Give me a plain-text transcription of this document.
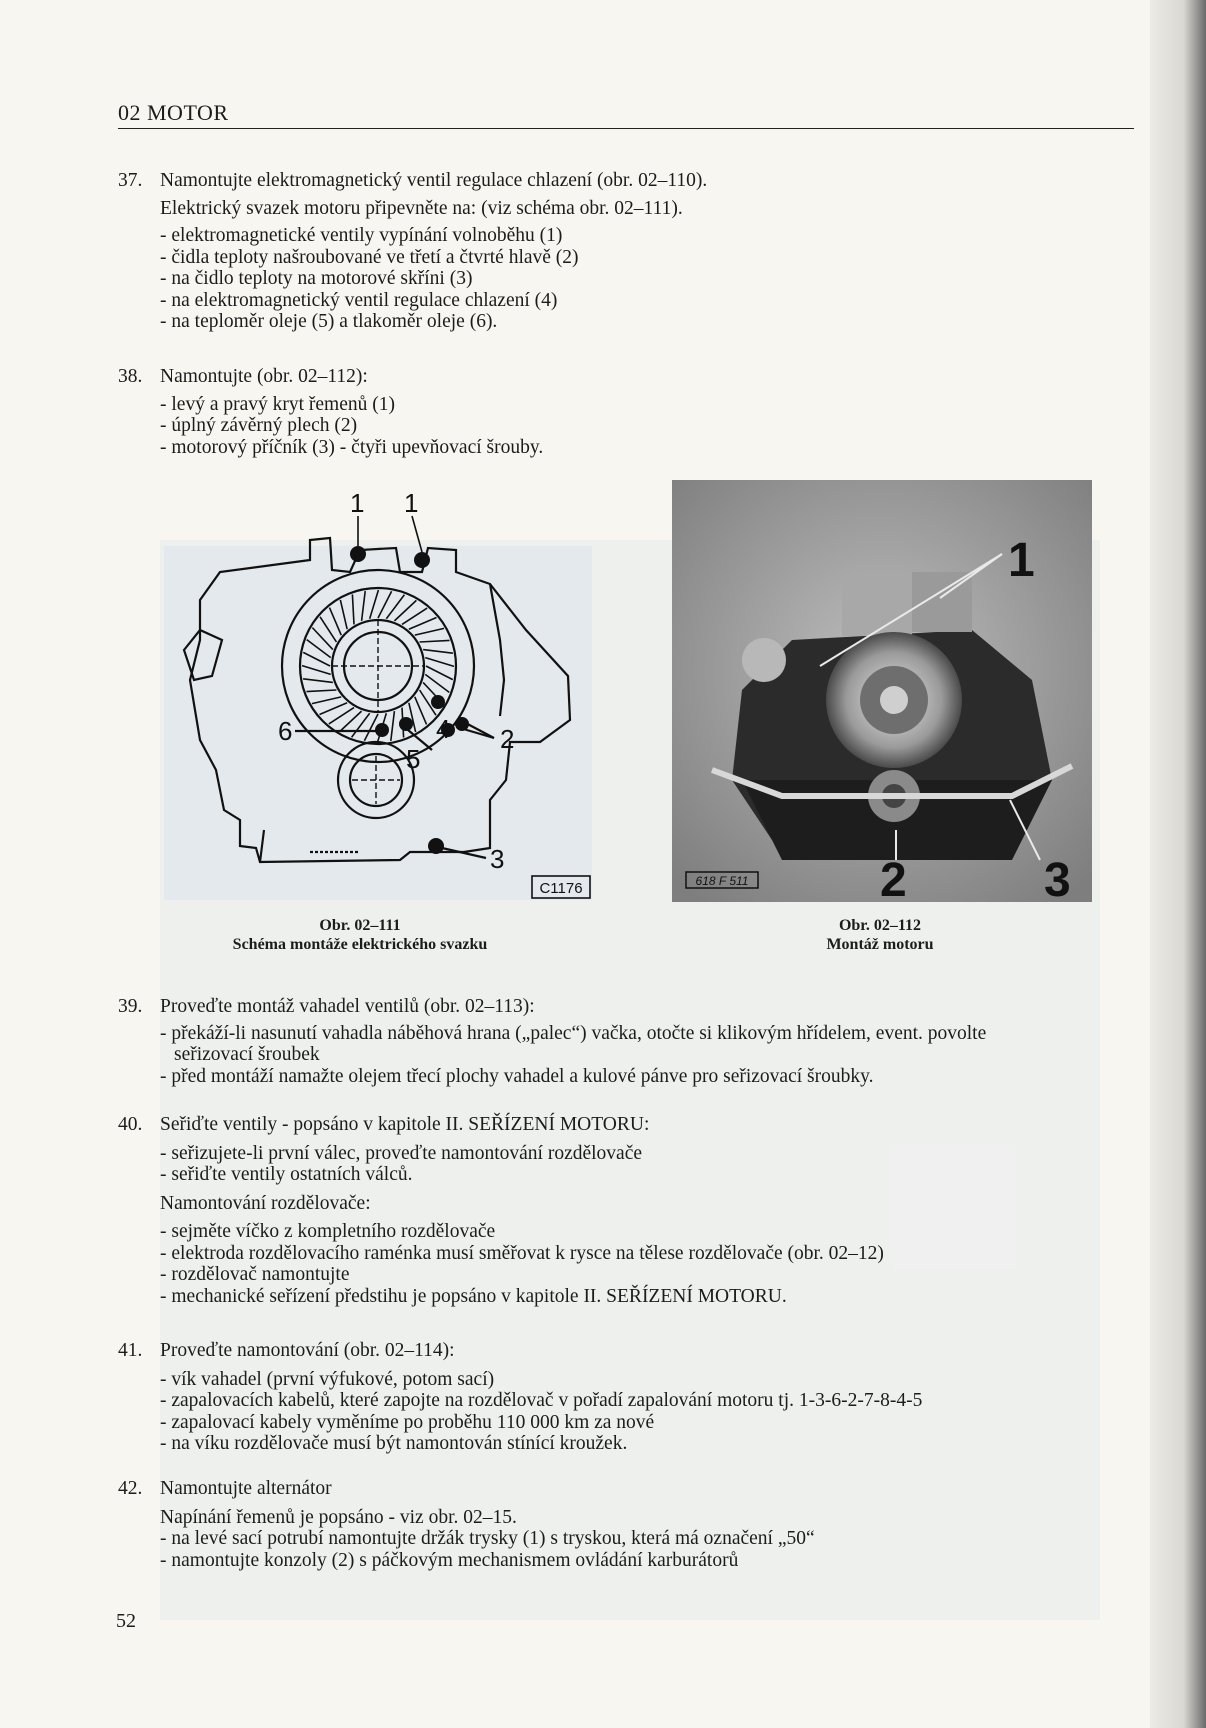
02 MOTOR
37. Namontujte elektromagnetický ventil regulace chlazení (obr. 02–110).

Elektrický svazek motoru připevněte na: (viz schéma obr. 02–111).

- elektromagnetické ventily vypínání volnoběhu (1)

- čidla teploty našroubované ve třetí a čtvrté hlavě (2)

- na čidlo teploty na motorové skříni (3)

- na elektromagnetický ventil regulace chlazení (4)

- na teploměr oleje (5) a tlakoměr oleje (6).

38. Namontujte (obr. 02–112):

- levý a pravý kryt řemenů (1)

- úplný závěrný plech (2)

- motorový příčník (3) - čtyři upevňovací šrouby.

1 1
6	4
5
2
3
C1176
Obr. 02–111
Schéma montáže elektrického svazku
1
2	3
618 F 511
Obr. 02–112
Montáž motoru
39. Proveďte montáž vahadel ventilů (obr. 02–113):

- překáží-li nasunutí vahadla náběhová hrana („palec“) vačka, otočte si klikovým hřídelem, event. povolte

seřizovací šroubek

- před montáží namažte olejem třecí plochy vahadel a kulové pánve pro seřizovací šroubky.

40. Seřiďte ventily - popsáno v kapitole II. SEŘÍZENÍ MOTORU:

- seřizujete-li první válec, proveďte namontování rozdělovače

- seřiďte ventily ostatních válců.

Namontování rozdělovače:

- sejměte víčko z kompletního rozdělovače

- elektroda rozdělovacího raménka musí směřovat k rysce na tělese rozdělovače (obr. 02–12)

- rozdělovač namontujte

- mechanické seřízení předstihu je popsáno v kapitole II. SEŘÍZENÍ MOTORU.

41. Proveďte namontování (obr. 02–114):

- vík vahadel (první výfukové, potom sací)

- zapalovacích kabelů, které zapojte na rozdělovač v pořadí zapalování motoru tj. 1-3-6-2-7-8-4-5

- zapalovací kabely vyměníme po proběhu 110 000 km za nové

- na víku rozdělovače musí být namontován stínící kroužek.

42. Namontujte alternátor

Napínání řemenů je popsáno - viz obr. 02–15.

- na levé sací potrubí namontujte držák trysky (1) s tryskou, která má označení „50“

- namontujte konzoly (2) s páčkovým mechanismem ovládání karburátorů

52
